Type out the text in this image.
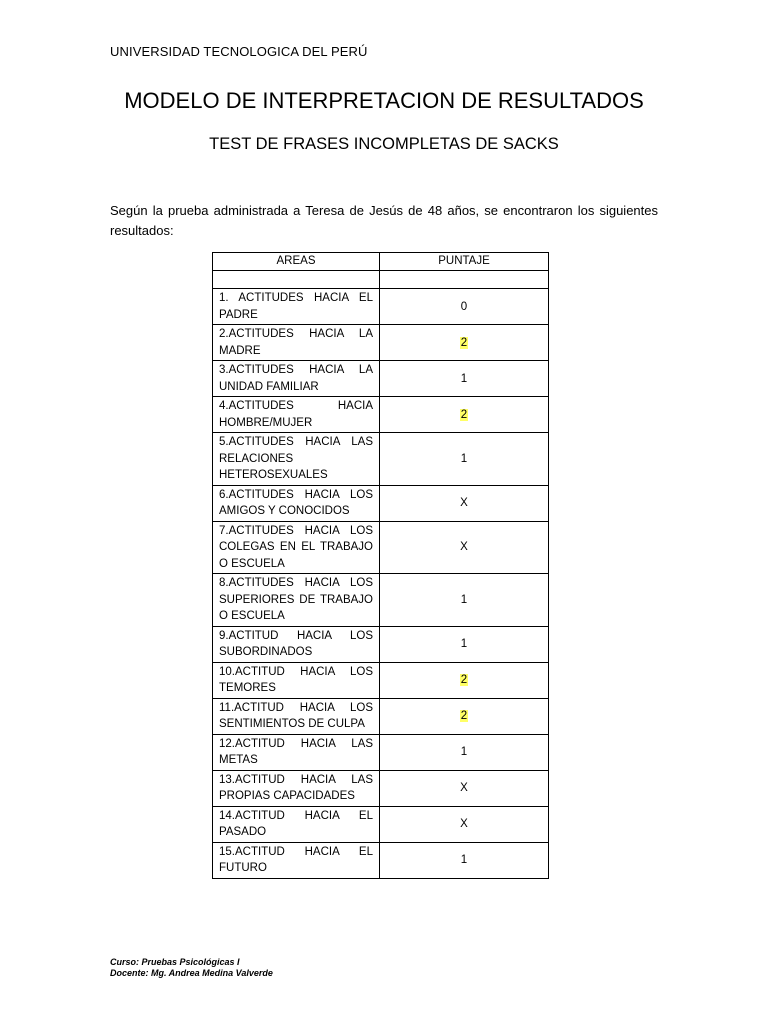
UNIVERSIDAD TECNOLOGICA DEL PERÚ
MODELO DE INTERPRETACION DE RESULTADOS
TEST DE FRASES INCOMPLETAS DE SACKS
Según la prueba administrada a Teresa de Jesús de 48 años, se encontraron los siguientes resultados:
AREAS	PUNTAJE

1. ACTITUDES HACIA EL PADRE	0
2.ACTITUDES HACIA LA MADRE	2
3.ACTITUDES HACIA LA UNIDAD FAMILIAR	1
4.ACTITUDES HACIA HOMBRE/MUJER	2
5.ACTITUDES HACIA LAS RELACIONES HETEROSEXUALES	1
6.ACTITUDES HACIA LOS AMIGOS Y CONOCIDOS	X
7.ACTITUDES HACIA LOS COLEGAS EN EL TRABAJO O ESCUELA	X
8.ACTITUDES HACIA LOS SUPERIORES DE TRABAJO O ESCUELA	1
9.ACTITUD HACIA LOS SUBORDINADOS	1
10.ACTITUD HACIA LOS TEMORES	2
11.ACTITUD HACIA LOS SENTIMIENTOS DE CULPA	2
12.ACTITUD HACIA LAS METAS	1
13.ACTITUD HACIA LAS PROPIAS CAPACIDADES	X
14.ACTITUD HACIA EL PASADO	X
15.ACTITUD HACIA EL FUTURO	1
Curso: Pruebas Psicológicas I
Docente: Mg. Andrea Medina Valverde
